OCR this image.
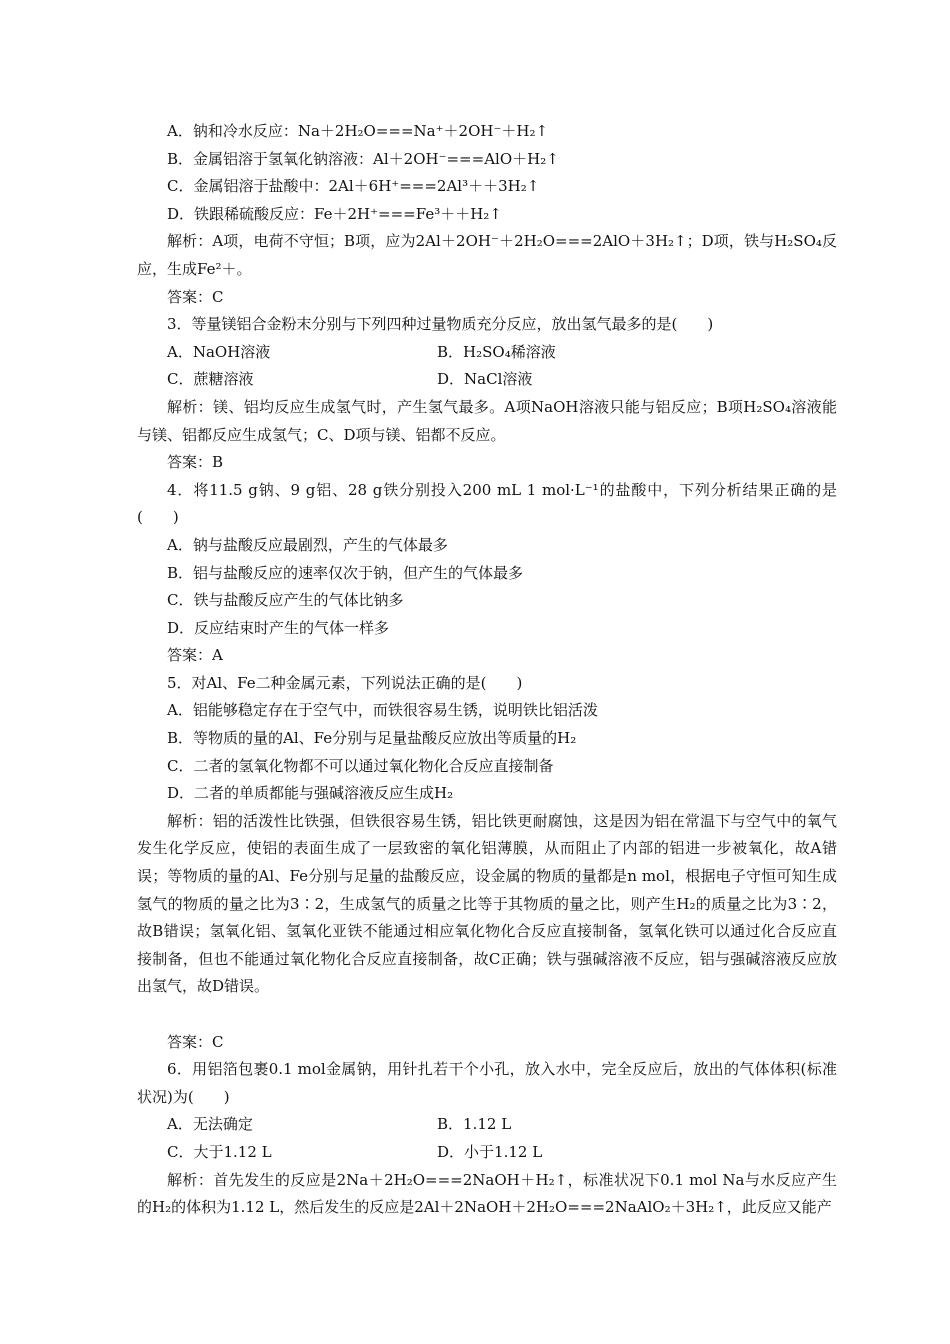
A．钠和冷水反应：Na＋2H₂O===Na⁺＋2OH⁻＋H₂↑
B．金属铝溶于氢氧化钠溶液：Al＋2OH⁻===AlO＋H₂↑
C．金属铝溶于盐酸中：2Al＋6H⁺===2Al³＋＋3H₂↑
D．铁跟稀硫酸反应：Fe＋2H⁺===Fe³＋＋H₂↑
解析：A项，电荷不守恒；B项，应为2Al＋2OH⁻＋2H₂O===2AlO＋3H₂↑；D项，铁与H₂SO₄反应，生成Fe²＋。
答案：C
3．等量镁铝合金粉末分别与下列四种过量物质充分反应，放出氢气最多的是(　　)
A．NaOH溶液	B．H₂SO₄稀溶液
C．蔗糖溶液	D．NaCl溶液
解析：镁、铝均反应生成氢气时，产生氢气最多。A项NaOH溶液只能与铝反应；B项H₂SO₄溶液能与镁、铝都反应生成氢气；C、D项与镁、铝都不反应。
答案：B
4．将11.5 g钠、9 g铝、28 g铁分别投入200 mL 1 mol·L⁻¹的盐酸中，下列分析结果正确的是(　　)
A．钠与盐酸反应最剧烈，产生的气体最多
B．铝与盐酸反应的速率仅次于钠，但产生的气体最多
C．铁与盐酸反应产生的气体比钠多
D．反应结束时产生的气体一样多
答案：A
5．对Al、Fe二种金属元素，下列说法正确的是(　　)
A．铝能够稳定存在于空气中，而铁很容易生锈，说明铁比铝活泼
B．等物质的量的Al、Fe分别与足量盐酸反应放出等质量的H₂
C．二者的氢氧化物都不可以通过氧化物化合反应直接制备
D．二者的单质都能与强碱溶液反应生成H₂
解析：铝的活泼性比铁强，但铁很容易生锈，铝比铁更耐腐蚀，这是因为铝在常温下与空气中的氧气发生化学反应，使铝的表面生成了一层致密的氧化铝薄膜，从而阻止了内部的铝进一步被氧化，故A错误；等物质的量的Al、Fe分别与足量的盐酸反应，设金属的物质的量都是n mol，根据电子守恒可知生成氢气的物质的量之比为3∶2，生成氢气的质量之比等于其物质的量之比，则产生H₂的质量之比为3∶2，故B错误；氢氧化铝、氢氧化亚铁不能通过相应氧化物化合反应直接制备，氢氧化铁可以通过化合反应直接制备，但也不能通过氧化物化合反应直接制备，故C正确；铁与强碱溶液不反应，铝与强碱溶液反应放出氢气，故D错误。
答案：C
6．用铝箔包裹0.1 mol金属钠，用针扎若干个小孔，放入水中，完全反应后，放出的气体体积(标准状况)为(　　)
A．无法确定	B．1.12 L
C．大于1.12 L	D．小于1.12 L
解析：首先发生的反应是2Na＋2H₂O===2NaOH＋H₂↑，标准状况下0.1 mol Na与水反应产生的H₂的体积为1.12 L，然后发生的反应是2Al＋2NaOH＋2H₂O===2NaAlO₂＋3H₂↑，此反应又能产
